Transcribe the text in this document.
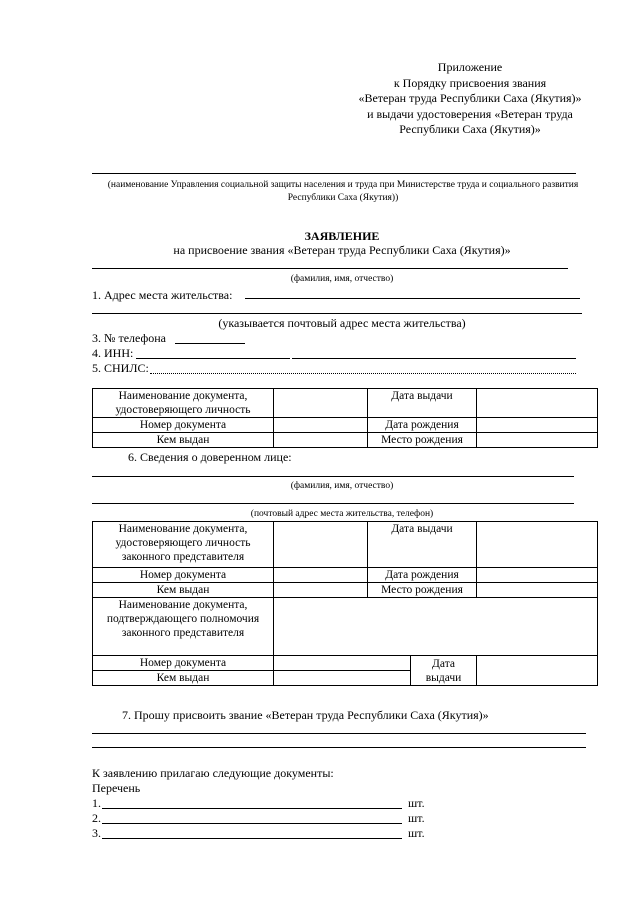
Приложение
к Порядку присвоения звания
«Ветеран труда Республики Саха (Якутия)»
и выдачи удостоверения «Ветеран труда
Республики Саха (Якутия)»
(наименование Управления социальной защиты населения и труда при Министерстве труда и социального развития Республики Саха (Якутия))
ЗАЯВЛЕНИЕ
на присвоение звания «Ветеран труда Республики Саха (Якутия)»
(фамилия, имя, отчество)
1. Адрес места жительства:
(указывается почтовый адрес места жительства)
3. № телефона
4. ИНН:
5. СНИЛС:
Наименование документа, удостоверяющего личность		Дата выдачи	
Номер документа		Дата рождения	
Кем выдан		Место рождения	
6. Сведения о доверенном лице:
(фамилия, имя, отчество)
(почтовый адрес места жительства, телефон)
Наименование документа, удостоверяющего личность законного представителя		Дата выдачи		
Номер документа		Дата рождения		
Кем выдан		Место рождения		
Наименование документа, подтверждающего полномочия законного представителя				
Номер документа			Дата выдачи	
Кем выдан				
7. Прошу присвоить звание «Ветеран труда Республики Саха (Якутия)»
К заявлению прилагаю следующие документы:
Перечень
1.	шт.
2.	шт.
3.	шт.
